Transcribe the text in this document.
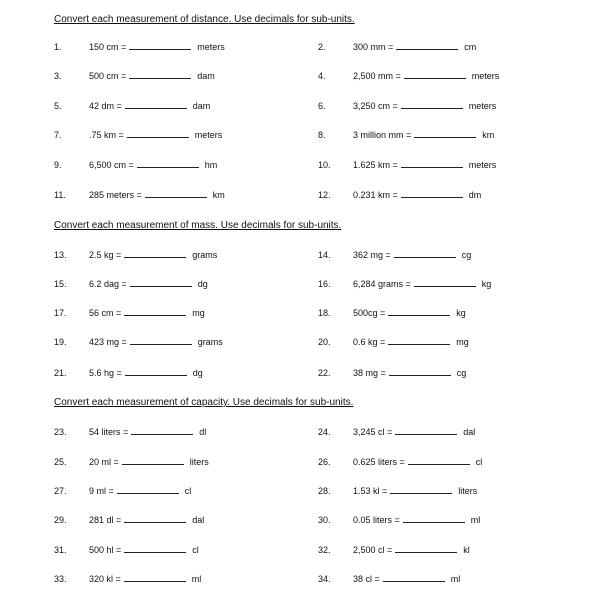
Convert each measurement of distance. Use decimals for sub-units.
1.	150 cm =	meters	2.	300 mm =	cm
3.	500 cm =	dam	4.	2,500 mm =	meters
5.	42 dm =	dam	6.	3,250 cm =	meters
7.	.75 km =	meters	8.	3 million mm =	km
9.	6,500 cm =	hm	10. 1.625 km =	meters
11.	285 meters =	km	12. 0.231 km =	dm
Convert each measurement of mass. Use decimals for sub-units.
13. 2.5 kg =	grams	14. 362 mg =	cg
15. 6.2 dag =	dg	16. 6,284 grams =	kg
17. 56 cm =	mg	18. 500cg =	kg
19. 423 mg =	grams	20. 0.6 kg =	mg
21. 5.6 hg =	dg	22. 38 mg =	cg
Convert each measurement of capacity. Use decimals for sub-units.
23. 54 liters =	dl	24. 3,245 cl =	dal
25. 20 ml =	liters	26. 0.625 liters =	cl
27. 9 ml =	cl	28. 1.53 kl =	liters
29. 281 dl =	dal	30. 0.05 liters =	ml
31. 500 hl =	cl	32. 2,500 cl =	kl
33. 320 kl =	ml	34. 38 cl =	ml
